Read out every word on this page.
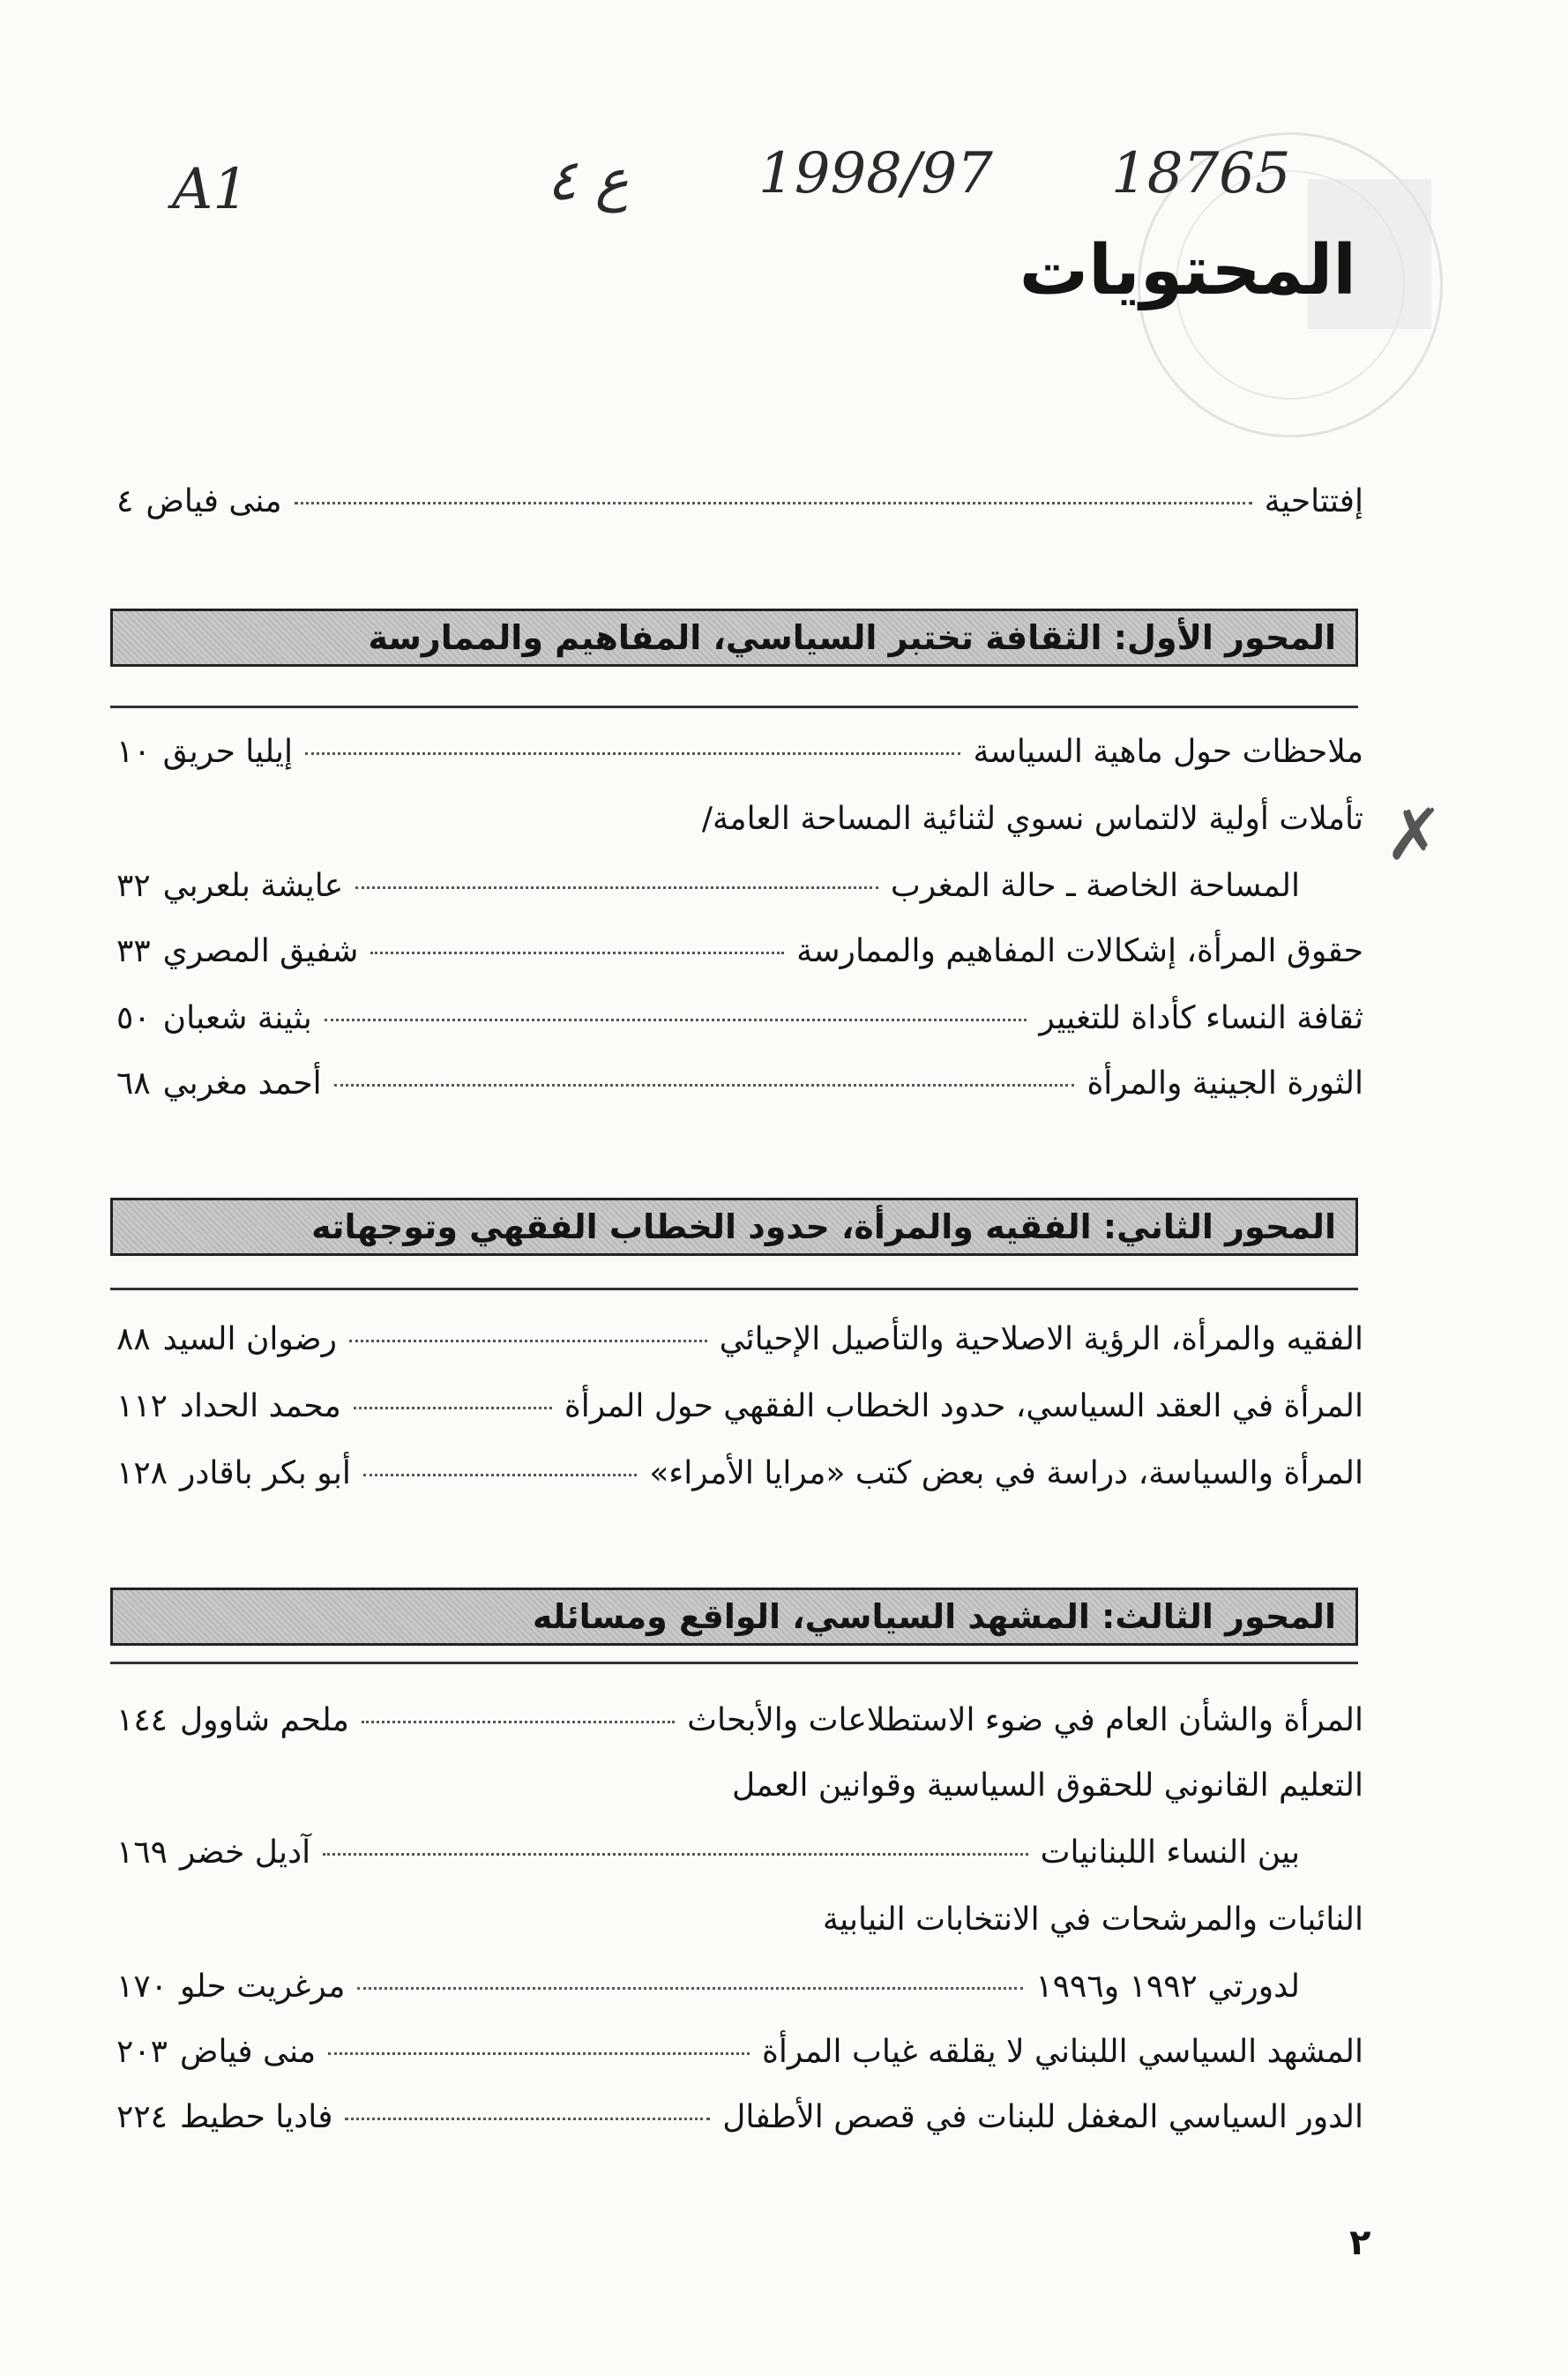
A1	ع ٤ 1998/97 18765
المحتويات
إفتتاحية
منى فياض
٤
المحور الأول: الثقافة تختبر السياسي، المفاهيم والممارسة
ملاحظات حول ماهية السياسة
إيليا حريق
١٠
تأملات أولية لالتماس نسوي لثنائية المساحة العامة/ ✗
المساحة الخاصة ـ حالة المغرب
عايشة بلعربي
٣٢
حقوق المرأة، إشكالات المفاهيم والممارسة
شفيق المصري
٣٣
ثقافة النساء كأداة للتغيير
بثينة شعبان
٥٠
الثورة الجينية والمرأة
أحمد مغربي
٦٨
المحور الثاني: الفقيه والمرأة، حدود الخطاب الفقهي وتوجهاته
الفقيه والمرأة، الرؤية الاصلاحية والتأصيل الإحيائي
رضوان السيد
٨٨
المرأة في العقد السياسي، حدود الخطاب الفقهي حول المرأة
محمد الحداد
١١٢
المرأة والسياسة، دراسة في بعض كتب «مرايا الأمراء»
أبو بكر باقادر
١٢٨
المحور الثالث: المشهد السياسي، الواقع ومسائله
المرأة والشأن العام في ضوء الاستطلاعات والأبحاث
ملحم شاوول
١٤٤
التعليم القانوني للحقوق السياسية وقوانين العمل
بين النساء اللبنانيات
آديل خضر
١٦٩
النائبات والمرشحات في الانتخابات النيابية
لدورتي ١٩٩٢ و١٩٩٦
مرغريت حلو
١٧٠
المشهد السياسي اللبناني لا يقلقه غياب المرأة
منى فياض
٢٠٣
الدور السياسي المغفل للبنات في قصص الأطفال
فاديا حطيط
٢٢٤
٢
